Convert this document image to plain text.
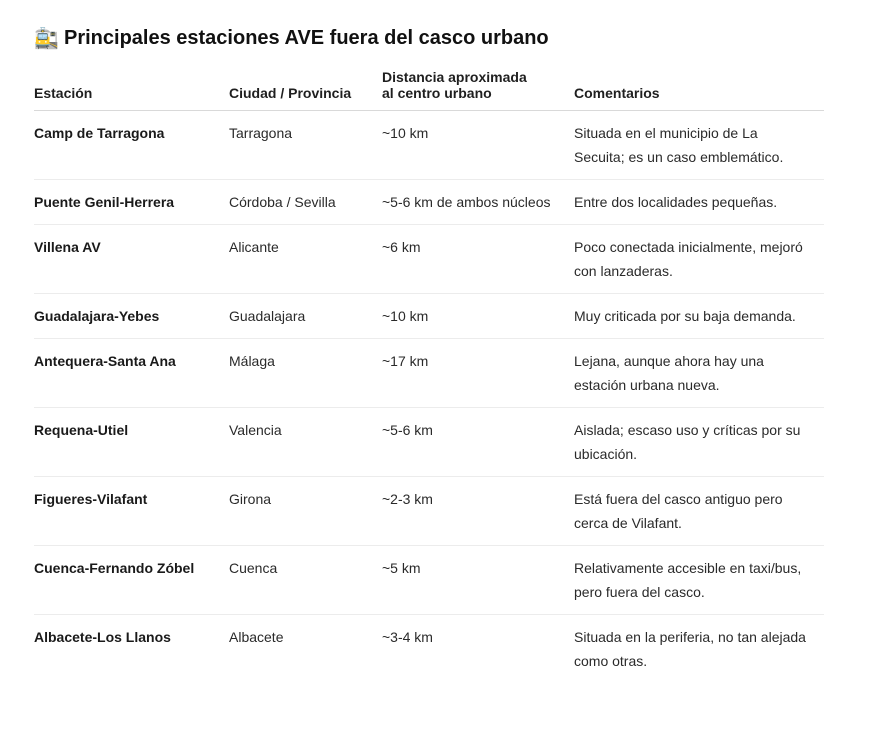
🚉 Principales estaciones AVE fuera del casco urbano
Estación	Ciudad / Provincia	Distancia aproximada al centro urbano	Comentarios
Camp de Tarragona	Tarragona	~10 km	Situada en el municipio de La Secuita; es un caso emblemático.
Puente Genil-Herrera	Córdoba / Sevilla	~5-6 km de ambos núcleos	Entre dos localidades pequeñas.
Villena AV	Alicante	~6 km	Poco conectada inicialmente, mejoró con lanzaderas.
Guadalajara-Yebes	Guadalajara	~10 km	Muy criticada por su baja demanda.
Antequera-Santa Ana	Málaga	~17 km	Lejana, aunque ahora hay una estación urbana nueva.
Requena-Utiel	Valencia	~5-6 km	Aislada; escaso uso y críticas por su ubicación.
Figueres-Vilafant	Girona	~2-3 km	Está fuera del casco antiguo pero cerca de Vilafant.
Cuenca-Fernando Zóbel	Cuenca	~5 km	Relativamente accesible en taxi/bus, pero fuera del casco.
Albacete-Los Llanos	Albacete	~3-4 km	Situada en la periferia, no tan alejada como otras.
